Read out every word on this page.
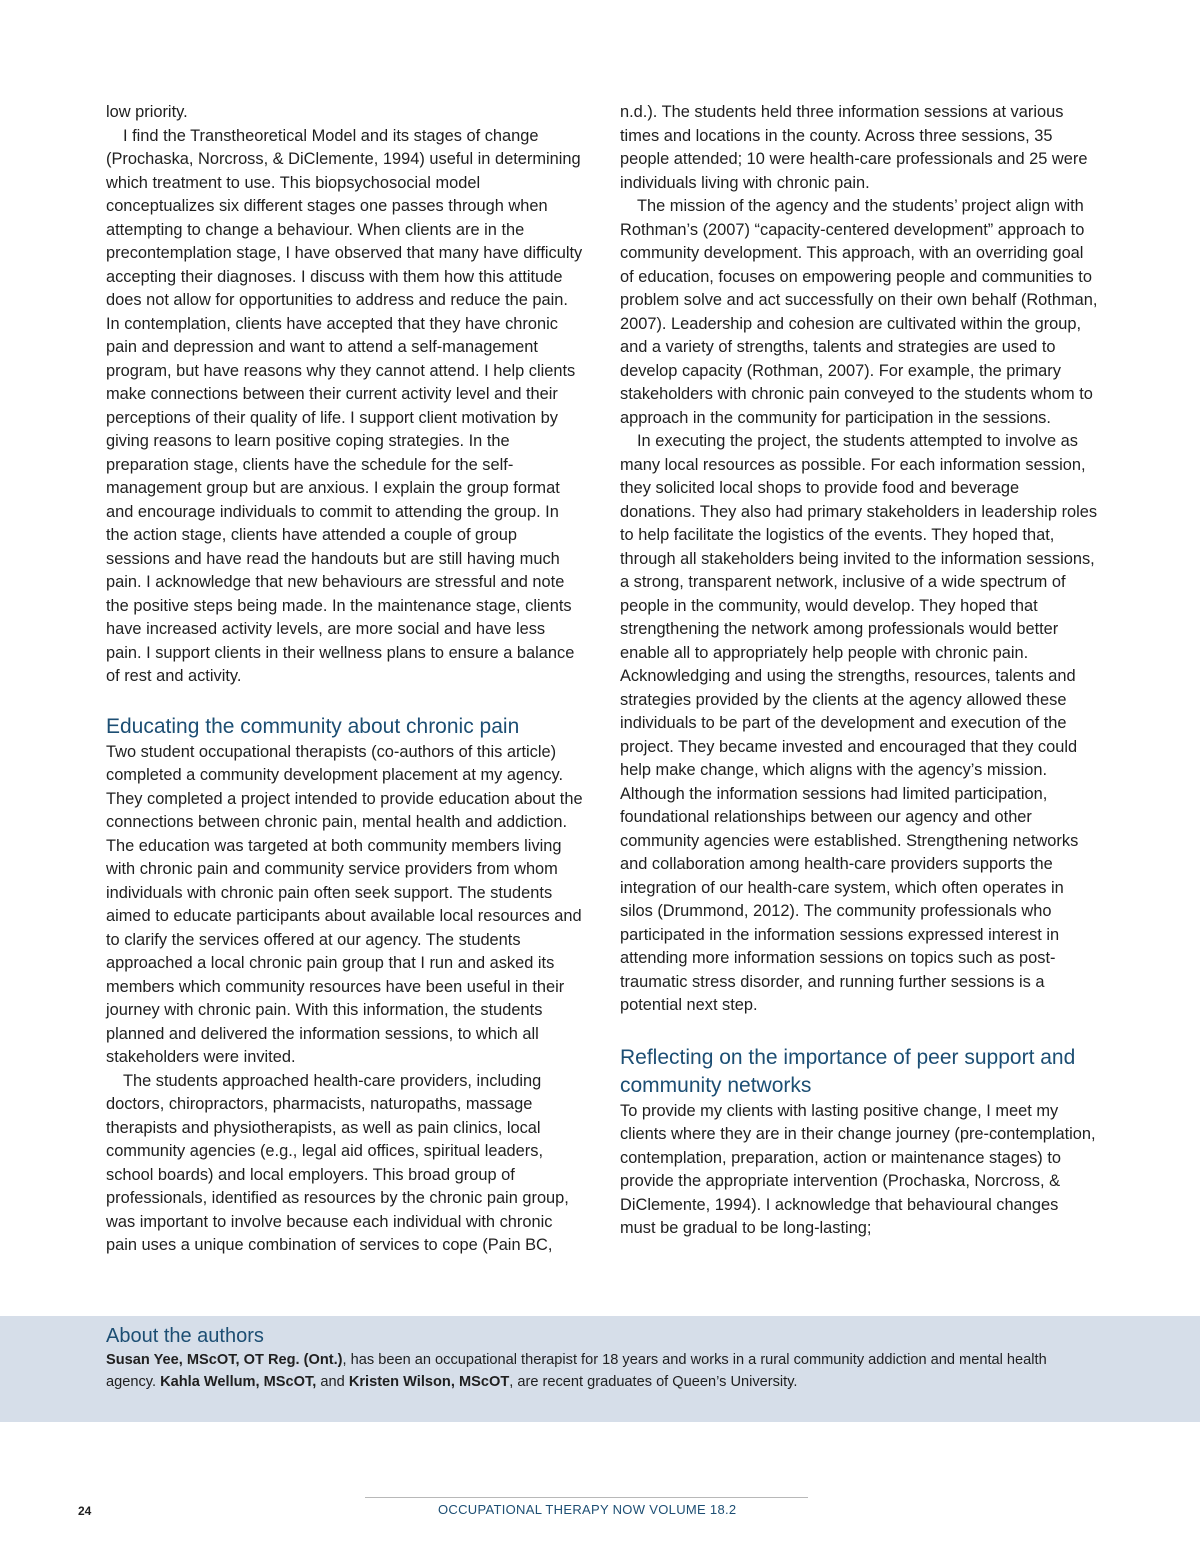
low priority.

I find the Transtheoretical Model and its stages of change (Prochaska, Norcross, & DiClemente, 1994) useful in determining which treatment to use. This biopsychosocial model conceptualizes six different stages one passes through when attempting to change a behaviour. When clients are in the precontemplation stage, I have observed that many have difficulty accepting their diagnoses. I discuss with them how this attitude does not allow for opportunities to address and reduce the pain. In contemplation, clients have accepted that they have chronic pain and depression and want to attend a self-management program, but have reasons why they cannot attend. I help clients make connections between their current activity level and their perceptions of their quality of life. I support client motivation by giving reasons to learn positive coping strategies. In the preparation stage, clients have the schedule for the self-management group but are anxious. I explain the group format and encourage individuals to commit to attending the group. In the action stage, clients have attended a couple of group sessions and have read the handouts but are still having much pain. I acknowledge that new behaviours are stressful and note the positive steps being made. In the maintenance stage, clients have increased activity levels, are more social and have less pain. I support clients in their wellness plans to ensure a balance of rest and activity.

Educating the community about chronic pain

Two student occupational therapists (co-authors of this article) completed a community development placement at my agency. They completed a project intended to provide education about the connections between chronic pain, mental health and addiction. The education was targeted at both community members living with chronic pain and community service providers from whom individuals with chronic pain often seek support. The students aimed to educate participants about available local resources and to clarify the services offered at our agency. The students approached a local chronic pain group that I run and asked its members which community resources have been useful in their journey with chronic pain. With this information, the students planned and delivered the information sessions, to which all stakeholders were invited.

The students approached health-care providers, including doctors, chiropractors, pharmacists, naturopaths, massage therapists and physiotherapists, as well as pain clinics, local community agencies (e.g., legal aid offices, spiritual leaders, school boards) and local employers. This broad group of professionals, identified as resources by the chronic pain group, was important to involve because each individual with chronic pain uses a unique combination of services to cope (Pain BC,

n.d.). The students held three information sessions at various times and locations in the county. Across three sessions, 35 people attended; 10 were health-care professionals and 25 were individuals living with chronic pain.

The mission of the agency and the students’ project align with Rothman’s (2007) “capacity-centered development” approach to community development. This approach, with an overriding goal of education, focuses on empowering people and communities to problem solve and act successfully on their own behalf (Rothman, 2007). Leadership and cohesion are cultivated within the group, and a variety of strengths, talents and strategies are used to develop capacity (Rothman, 2007). For example, the primary stakeholders with chronic pain conveyed to the students whom to approach in the community for participation in the sessions.

In executing the project, the students attempted to involve as many local resources as possible. For each information session, they solicited local shops to provide food and beverage donations. They also had primary stakeholders in leadership roles to help facilitate the logistics of the events. They hoped that, through all stakeholders being invited to the information sessions, a strong, transparent network, inclusive of a wide spectrum of people in the community, would develop. They hoped that strengthening the network among professionals would better enable all to appropriately help people with chronic pain. Acknowledging and using the strengths, resources, talents and strategies provided by the clients at the agency allowed these individuals to be part of the development and execution of the project. They became invested and encouraged that they could help make change, which aligns with the agency’s mission. Although the information sessions had limited participation, foundational relationships between our agency and other community agencies were established. Strengthening networks and collaboration among health-care providers supports the integration of our health-care system, which often operates in silos (Drummond, 2012). The community professionals who participated in the information sessions expressed interest in attending more information sessions on topics such as post-traumatic stress disorder, and running further sessions is a potential next step.

Reflecting on the importance of peer support and community networks

To provide my clients with lasting positive change, I meet my clients where they are in their change journey (pre-contemplation, contemplation, preparation, action or maintenance stages) to provide the appropriate intervention (Prochaska, Norcross, & DiClemente, 1994). I acknowledge that behavioural changes must be gradual to be long-lasting;

About the authors

Susan Yee, MScOT, OT Reg. (Ont.), has been an occupational therapist for 18 years and works in a rural community addiction and mental health agency. Kahla Wellum, MScOT, and Kristen Wilson, MScOT, are recent graduates of Queen’s University.

24	OCCUPATIONAL THERAPY NOW VOLUME 18.2
